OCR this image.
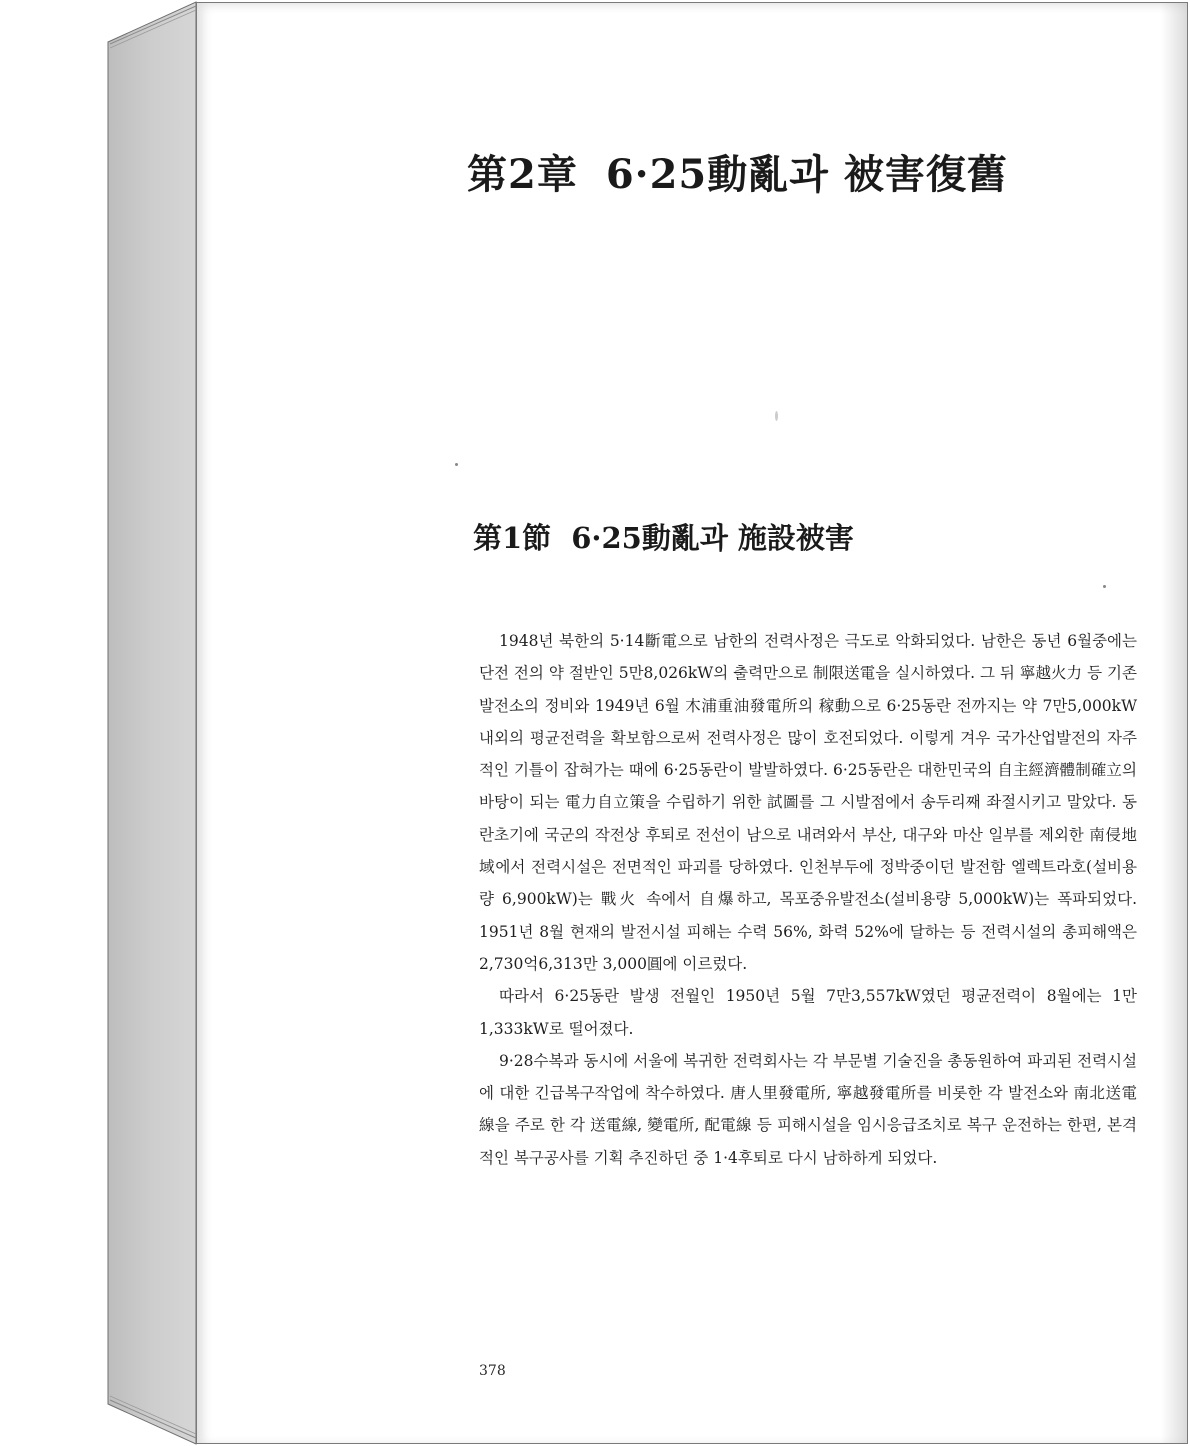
第2章 6·25動亂과 被害復舊
第1節 6·25動亂과 施設被害

1948년 북한의 5·14斷電으로 남한의 전력사정은 극도로 악화되었다. 남한은 동년 6월중에는 단전 전의 약 절반인 5만8,026kW의 출력만으로 制限送電을 실시하였다. 그 뒤 寧越火力 등 기존발전소의 정비와 1949년 6월 木浦重油發電所의 稼動으로 6·25동란 전까지는 약 7만5,000kW 내외의 평균전력을 확보함으로써 전력사정은 많이 호전되었다. 이렇게 겨우 국가산업발전의 자주적인 기틀이 잡혀가는 때에 6·25동란이 발발하였다. 6·25동란은 대한민국의 自主經濟體制確立의 바탕이 되는 電力自立策을 수립하기 위한 試圖를 그 시발점에서 송두리째 좌절시키고 말았다. 동란초기에 국군의 작전상 후퇴로 전선이 남으로 내려와서 부산, 대구와 마산 일부를 제외한 南侵地域에서 전력시설은 전면적인 파괴를 당하였다. 인천부두에 정박중이던 발전함 엘렉트라호(설비용량 6,900kW)는 戰火 속에서 自爆하고, 목포중유발전소(설비용량 5,000kW)는 폭파되었다. 1951년 8월 현재의 발전시설 피해는 수력 56%, 화력 52%에 달하는 등 전력시설의 총피해액은 2,730억6,313만 3,000圓에 이르렀다.

따라서 6·25동란 발생 전월인 1950년 5월 7만3,557kW였던 평균전력이 8월에는 1만1,333kW로 떨어졌다.

9·28수복과 동시에 서울에 복귀한 전력회사는 각 부문별 기술진을 총동원하여 파괴된 전력시설에 대한 긴급복구작업에 착수하였다. 唐人里發電所, 寧越發電所를 비롯한 각 발전소와 南北送電線을 주로 한 각 送電線, 變電所, 配電線 등 피해시설을 임시응급조치로 복구 운전하는 한편, 본격적인 복구공사를 기획 추진하던 중 1·4후퇴로 다시 남하하게 되었다.

378
